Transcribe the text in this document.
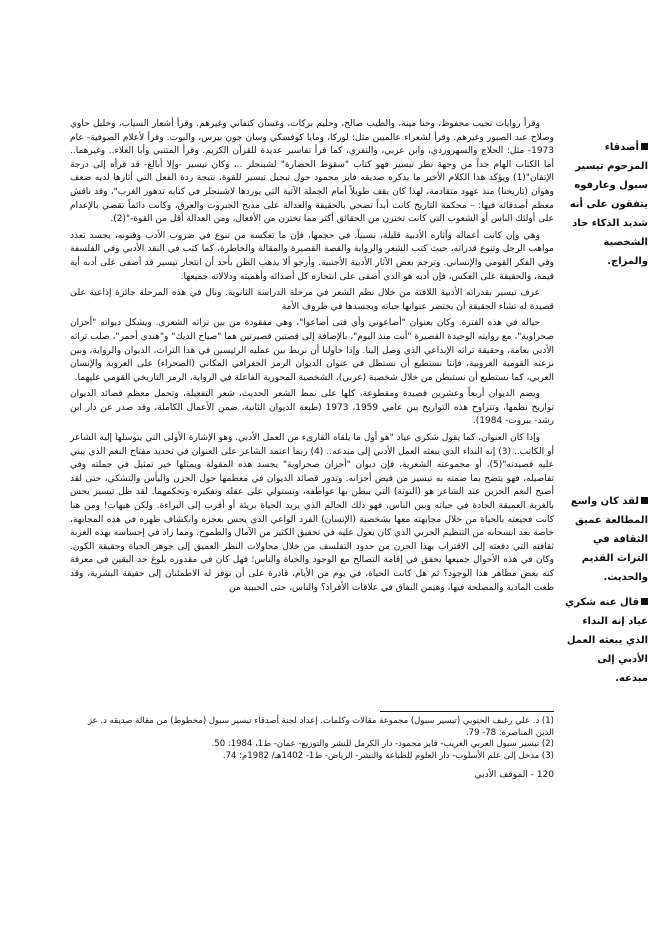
وقرأ روايات نجيب محفوظ، وحنا مينة، والطيب صالح، وحليم بركات، وغسان كنفاني وغيرهم. وقرأ أشعار السياب، وخليل حاوي وصلاح عبد الصبور وغيرهم. وقرأ لشعراء عالميين مثل: لوركا، ومايا كوفسكي وسان جون بيرس، والبوت. وقرأ لأعلام الصوفية- عام 1973- مثل: الحلاج والسهروردي، وابن عربي، والنفري، كما قرأ تفاسير عديدة للقرآن الكريم. وقرأ المتنبي وأبا العلاء.. وغيرهما.. أما الكتاب الهام جداً من وجهة نظر تيسير فهو كتاب "سقوط الحضارة" لشبنجلر ..، وكان تيسير -وإلا أبالغ- قد قرأه إلى درجة الإتقان"(1) ويؤكد هذا الكلام الأخير ما يذكره صديقه فايز محمود حول تبجيل تيسير للقوة، نتيجة ردة الفعل التي أثارها لديه ضعف وهوان (تاريخنا) منذ عهود متقادمة، لهذا كان يقف طويلاً أمام الجملة الآتية التي يوردها لاشبنجلر في كتابه تدهور الغرب"، وقد ناقش معظم أصدقائه فيها: – محكمة التاريخ كانت أبداً تضحي بالحقيقة والعدالة على مذبح الجبروت والعرق، وكانت دائماً تقضي بالإعدام على أولئك الناس أو الشعوب التي كانت تختزن من الحقائق أكثر مما تختزن من الأفعال، ومن العدالة أقل من القوة-"(2).

وهي وإن كانت أعماله وآثاره الأدبية قليلة، نسبياً، في حجمها، فإن ما تعكسه من تنوع في ضروب الأدب وفنونه، يجسد تعدد مواهب الرجل وتنوع قدراته، حيث كتب الشعر والرواية والقصة القصيرة والمقالة والخاطرة، كما كتب في النقد الأدبي وفي الفلسفة وفي الفكر القومي والإنساني. وترجم بعض الآثار الأدبية الأجنبية. وأرجو ألا يذهب الظن بأحد أن انتحار تيسير قد أضفى على أدبه أية قيمة، والحقيقة على العكس، فإن أدبه هو الذي أضفى على انتحاره كل أصدائه وأهميته ودلالاته جميعها.

عرف تيسير بقدراته الأدبية اللافتة من خلال نظم الشعر في مرحلة الدراسة الثانوية. ونال في هذه المرحلة جائزة إذاعية على قصيدة له تشاء الحقيقة أن يختصر عنوانها حياته ويجسدها في ظروف الأمة

حياله في هذه الفترة. وكان بعنوان "أضاعوني وأي فتى أضاعوا"، وهي مفقودة من بين تراثه الشعري. ويشكل ديوانه "أحزان صحراوية"، مع روايته الوحيدة القصيرة "أنت منذ اليوم"، بالإضافة إلى قصتين قصيرتين هما "صياح الديك" و"هندي أحمر"، صلب تراثه الأدبي بعامة، وحقيقة تراثه الإبداعي الذي وصل إلينا. وإذا حاولنا أن نربط بين عمليه الرئيسين في هذا التراث، الديوان والرواية، وبين نزعته القومية العروبية، فإننا نستطيع أن نستظل في عنوان الديوان الرمز الجغرافي المكاني (الصحراء) على العروبة والإنسان العربي، كما نستطيع أن نستبطن من خلال شخصية (عربي)، الشخصية المحورية الفاعلة في الرواية، الرمز التاريخي القومي عليهما.

ويضم الديوان أربعاً وعشرين قصيدة ومقطوعة، كلها على نمط الشعر الحديث، شعر التفعيلة، وتحمل معظم قصائد الديوان تواريخ نظمها، وتتراوح هذه التواريخ بين عامي 1959، 1973 (طبعة الديوان الثانية، ضمن الأعمال الكاملة، وقد صدر عن دار ابن رشد- بيروت- 1984).

وإذا كان العنوان، كما يقول شكري عياد "هو أول ما يلقاه القارىء من العمل الأدبي. وهو الإشارة الأولى التي يتوسلها إليه الشاعر أو الكاتب.. (3) إنه النداء الذي يبعثه العمل الأدبي إلى مبدعه.. (4) ربما اعتمد الشاعر على العنوان في تحديد مفتاح النغم الذي يبني عليه قصيدته"(5)، أو مجموعته الشعرية، فإن ديوان "أحزان صحراوية" يجسد هذه المقولة ويمثلها خير تمثيل في جملته وفي تفاصيله، فهو يتضح بما ضمنه به تيسير من فيض أحزانه. وتدور قصائد الديوان في معظمها حول الحزن واليأس والتشكي، حتى لقد أصبح النغم الحزين عند الشاعر هو (النوتة) التي يبطن بها عواطفه، وتستولي على عقله وتفكيره وتحكمهما. لقد ظل تيسير يحس بالغربة العميقة الحادة في حياته وبين الناس، فهو ذلك الحالم الذي يريد الحياة بريئة أو أقرب إلى البراءة. ولكن هيهات! ومن هنا كانت فجيعته بالحياة من خلال مجابهته معها بشخصية (الإنسان) الفرد الواعي الذي يحس بعجزه وانكشاف ظهره في هذه المجابهة، خاصة بعد انسحابه من التنظيم الحربي الذي كان يعول عليه في تحقيق الكثير من الآمال والطموح. ومما زاد في إحساسه بهذه الغربة ثقافته التي دفعته إلى الاقتراب بهذا الحزن من حدود التفلسف من خلال محاولات النظر العميق إلى جوهر الحياة وحقيقة الكون. وكان في هذه الأحوال جميعها يخفق في إقامة التصالح مع الوجود والحياة والناس؛ فهل كان في مقدوره بلوغ حد اليقين في معرفة كنه بعض مظاهر هذا الوجود؟ ثم هل كانت الحياة، في يوم من الأيام، قادرة على أن توفر له الاطمئنان إلى حقيقة البشرية، وقد طغت المادية والمصلحة فيها، وهيمن النفاق في علاقات الأفراد؟ والناس، حتى الحبيبة من

أصدقاء المرحوم تيسير سبول وعارفوه يتفقون على أنه شديد الذكاء حاد الشخصية والمزاج.
لقد كان واسع المطالعة عميق الثقافة في التراث القديم والحديث.
قال عنه شكري عياد إنه النداء الذي يبعثه العمل الأدبي إلى مبدعه.

(1) د. علي رغيف الجنوبي (تيسير سبول) مجموعة مقالات وكلمات. إعداد لجنة أصدقاء تيسير سبول (مخطوط) من مقالة صديقه د. عز الدين المناصرة: 78- 79.

(2) تيسير سبول العربي الغريب- فايز محمود- دار الكرمل للنشر والتوزيع- عمان- ط1، 1984: 50.

(3) مدخل إلى علم الأسلوب- دار العلوم للطباعة والنشر- الرياض- ط1- 1402هـ/ 1982م: 74.

120 - الموقف الأدبي
